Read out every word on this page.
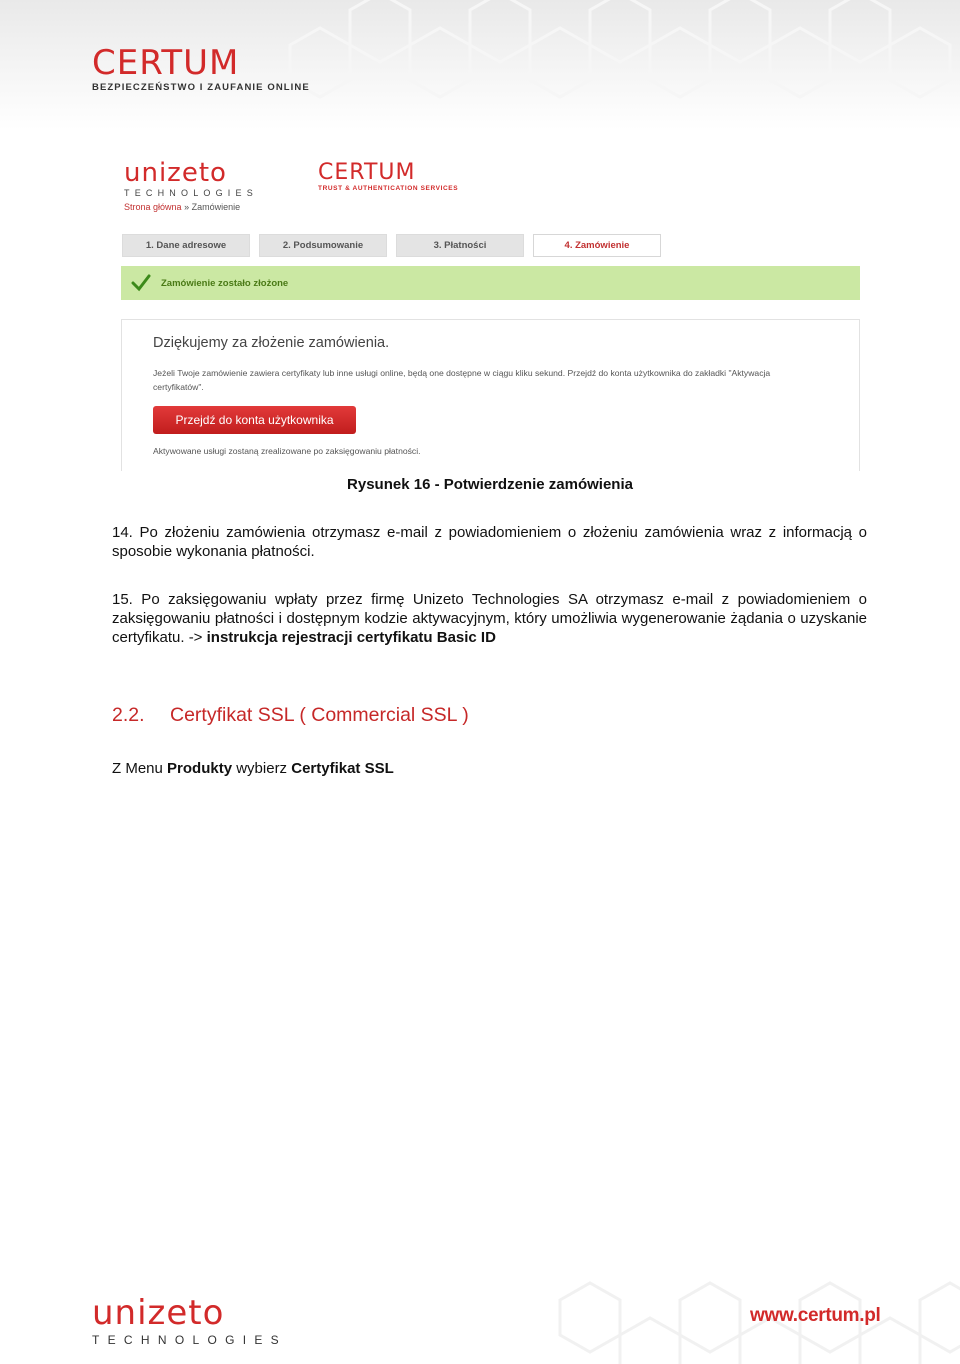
CERTUM
BEZPIECZEŃSTWO I ZAUFANIE ONLINE
unizeto
TECHNOLOGIES
CERTUM
TRUST & AUTHENTICATION SERVICES
Strona główna » Zamówienie
1. Dane adresowe	2. Podsumowanie	3. Płatności	4. Zamówienie
Zamówienie zostało złożone
Dziękujemy za złożenie zamówienia.
Jeżeli Twoje zamówienie zawiera certyfikaty lub inne usługi online, będą one dostępne w ciągu kliku sekund. Przejdź do konta użytkownika do zakładki "Aktywacja certyfikatów".
Przejdź do konta użytkownika
Aktywowane usługi zostaną zrealizowane po zaksięgowaniu płatności.
Rysunek 16 - Potwierdzenie zamówienia
14. Po złożeniu zamówienia otrzymasz e-mail z powiadomieniem o złożeniu zamówienia wraz z informacją o sposobie wykonania płatności.
15. Po zaksięgowaniu wpłaty przez firmę Unizeto Technologies SA otrzymasz e-mail z powiadomieniem o zaksięgowaniu płatności i dostępnym kodzie aktywacyjnym, który umożliwia wygenerowanie żądania o uzyskanie certyfikatu. -> instrukcja rejestracji certyfikatu Basic ID
2.2. Certyfikat SSL ( Commercial SSL )
Z Menu Produkty wybierz Certyfikat SSL
unizeto
TECHNOLOGIES
www.certum.pl
